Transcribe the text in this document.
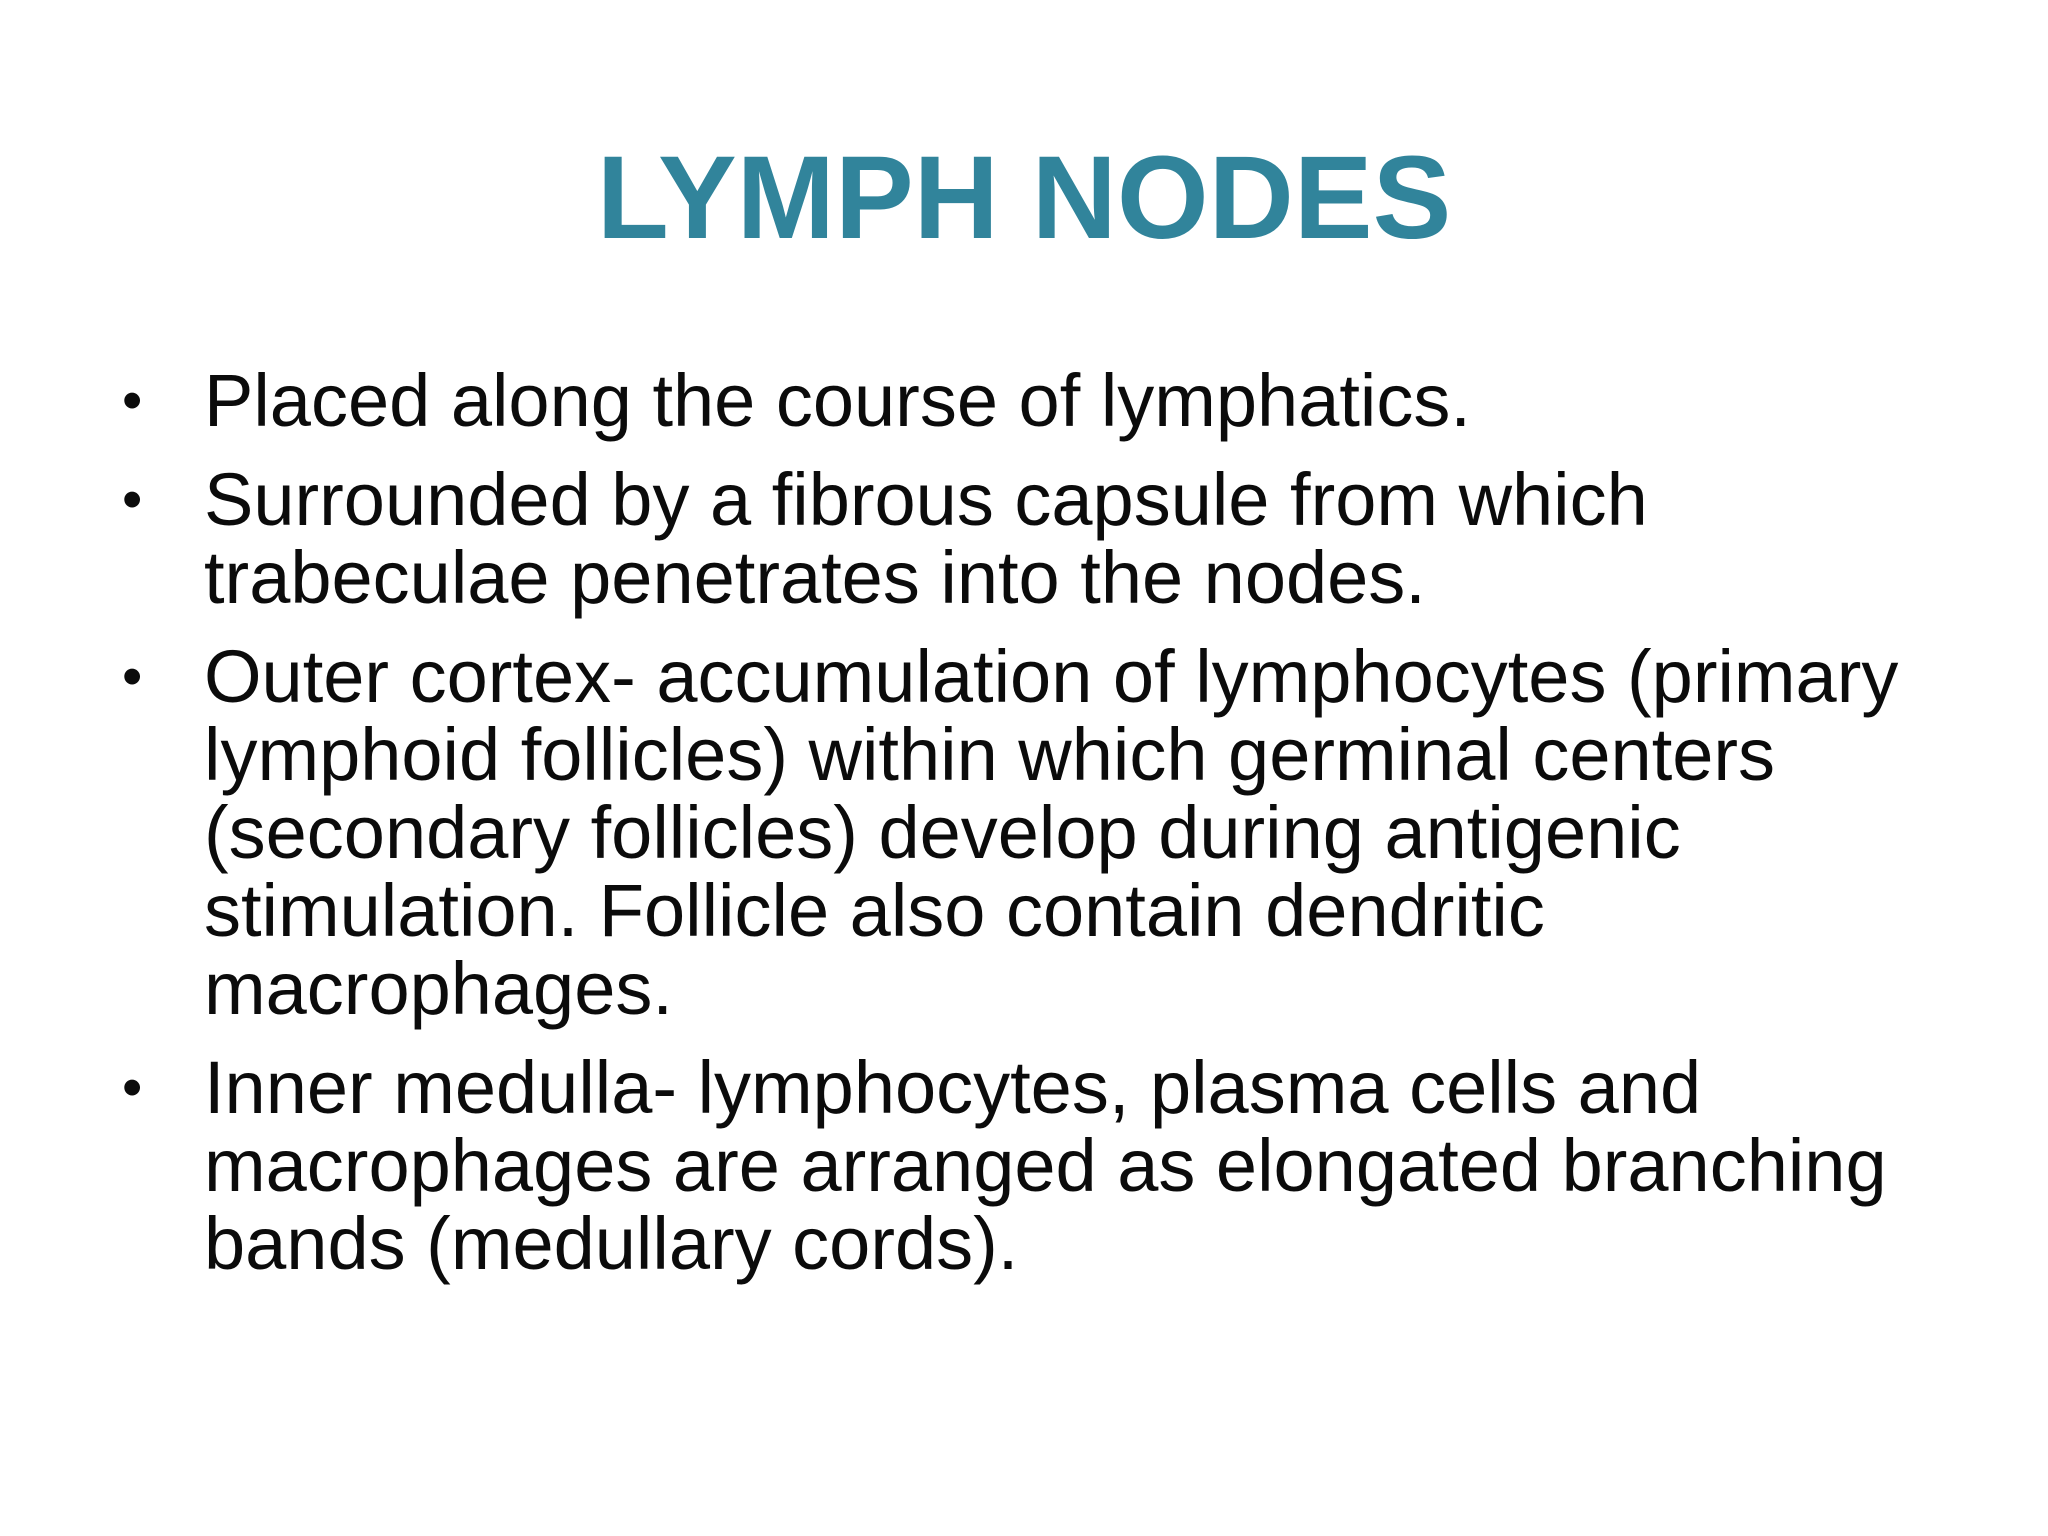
LYMPH NODES
• Placed along the course of lymphatics.
• Surrounded by a fibrous capsule from which trabeculae penetrates into the nodes.
• Outer cortex- accumulation of lymphocytes (primary lymphoid follicles) within which germinal centers (secondary follicles) develop during antigenic stimulation. Follicle also contain dendritic macrophages.
• Inner medulla- lymphocytes, plasma cells and macrophages are arranged as elongated branching bands (medullary cords).
